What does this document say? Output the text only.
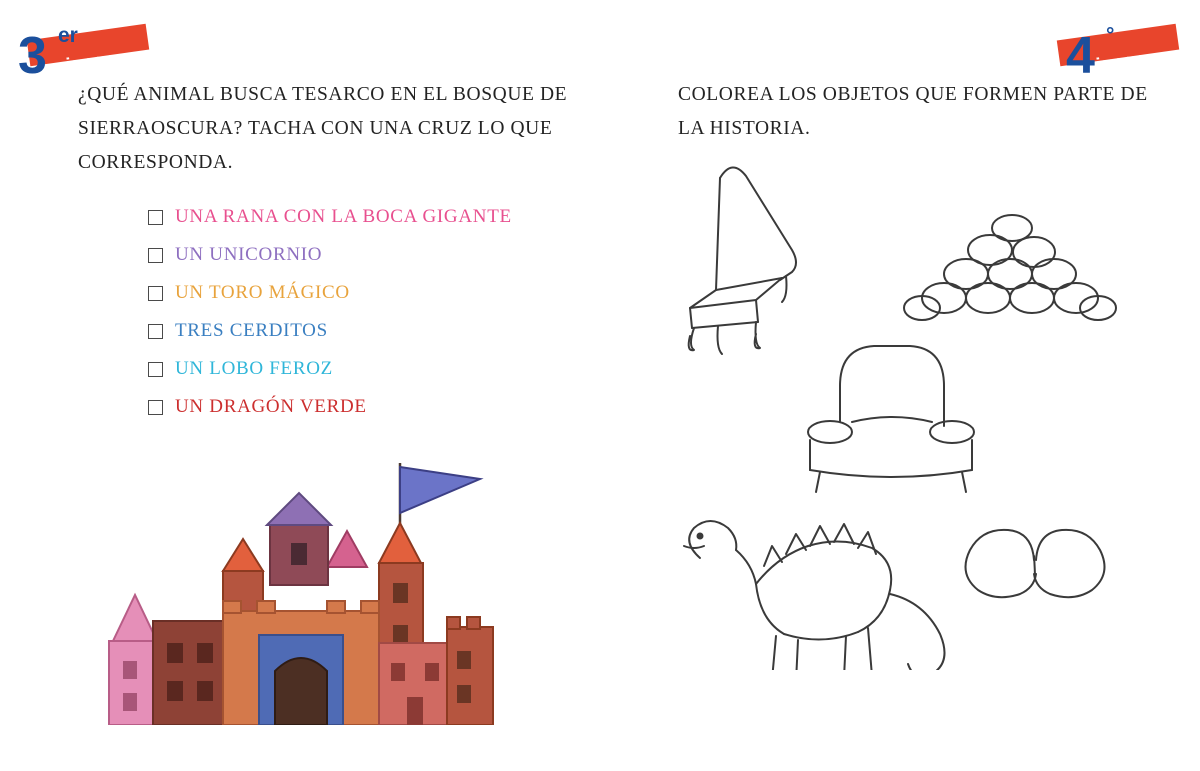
3 er
juego	4 °
juego
¿QUÉ ANIMAL BUSCA TESARCO EN EL BOSQUE DE SIERRAOSCURA? TACHA CON UNA CRUZ LO QUE CORRESPONDA.
UNA RANA CON LA BOCA GIGANTE
UN UNICORNIO
UN TORO MÁGICO
TRES CERDITOS
UN LOBO FEROZ
UN DRAGÓN VERDE
COLOREA LOS OBJETOS QUE FORMEN PARTE DE LA HISTORIA.
